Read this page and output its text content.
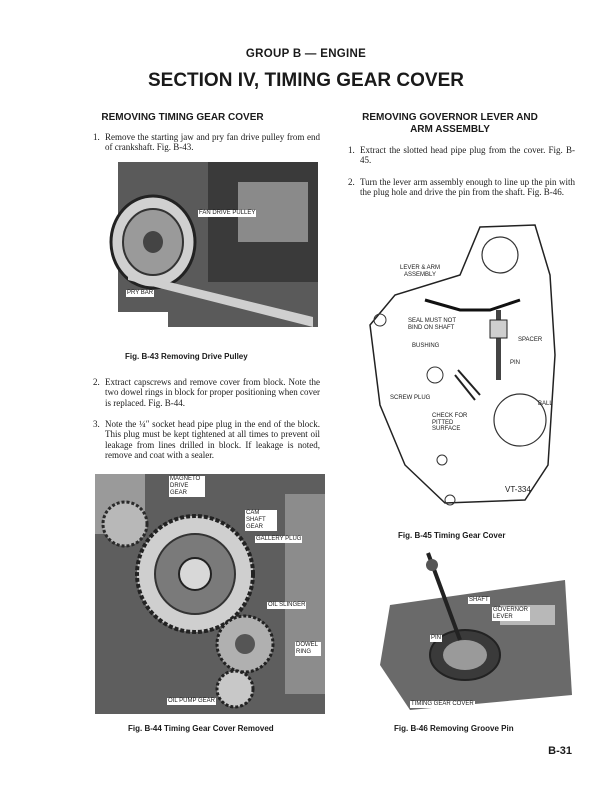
GROUP B — ENGINE
SECTION IV, TIMING GEAR COVER
REMOVING TIMING GEAR COVER
1. Remove the starting jaw and pry fan drive pulley from end of crankshaft. Fig. B-43.
FAN DRIVE PULLEY
PRY BAR
Fig. B-43 Removing Drive Pulley
2. Extract capscrews and remove cover from block. Note the two dowel rings in block for proper positioning when cover is replaced. Fig. B-44.
3. Note the ¼″ socket head pipe plug in the end of the block. This plug must be kept tightened at all times to prevent oil leakage from lines drilled in block. If leakage is noted, remove and coat with a sealer.
MAGNETO DRIVE GEAR
CAM SHAFT GEAR
GALLERY PLUG
OIL SLINGER
DOWEL RING
OIL PUMP GEAR
Fig. B-44 Timing Gear Cover Removed
REMOVING GOVERNOR LEVER AND ARM ASSEMBLY
1. Extract the slotted head pipe plug from the cover. Fig. B-45.
2. Turn the lever arm assembly enough to line up the pin with the plug hole and drive the pin from the shaft. Fig. B-46.
LEVER & ARM ASSEMBLY
SEAL MUST NOT BIND ON SHAFT
BUSHING
SPACER
PIN
SCREW PLUG
BALL
CHECK FOR PITTED SURFACE
VT-334
Fig. B-45 Timing Gear Cover
SHAFT
GOVERNOR LEVER
PIN
TIMING GEAR COVER
Fig. B-46 Removing Groove Pin
B-31
